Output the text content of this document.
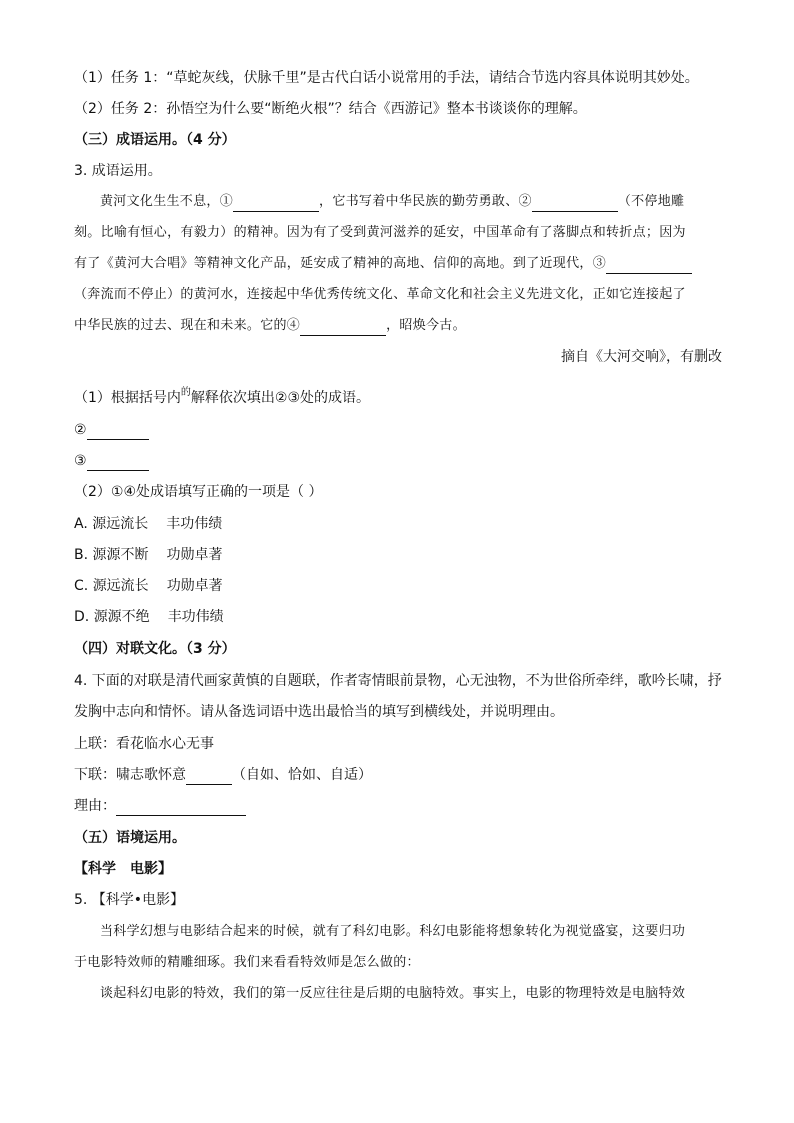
（1）任务 1：“草蛇灰线，伏脉千里”是古代白话小说常用的手法，请结合节选内容具体说明其妙处。
（2）任务 2：孙悟空为什么要“断绝火根”？结合《西游记》整本书谈谈你的理解。
（三）成语运用。（4 分）
3. 成语运用。
黄河文化生生不息，①	，它书写着中华民族的勤劳勇敢、②	（不停地雕
刻。比喻有恒心，有毅力）的精神。因为有了受到黄河滋养的延安，中国革命有了落脚点和转折点；因为
有了《黄河大合唱》等精神文化产品，延安成了精神的高地、信仰的高地。到了近现代，③
（奔流而不停止）的黄河水，连接起中华优秀传统文化、革命文化和社会主义先进文化，正如它连接起了
中华民族的过去、现在和未来。它的④	，昭焕今古。
摘自《大河交响》，有删改
（1）根据括号内$^的$解释依次填出②③处的成语。
②
③
（2）①④处成语填写正确的一项是（ ）
A. 源远流长 丰功伟绩
B. 源源不断 功勋卓著
C. 源远流长 功勋卓著
D. 源源不绝 丰功伟绩
（四）对联文化。（3 分）
4. 下面的对联是清代画家黄慎的自题联，作者寄情眼前景物，心无浊物，不为世俗所牵绊，歌吟长啸，抒
发胸中志向和情怀。请从备选词语中选出最恰当的填写到横线处，并说明理由。
上联：看花临水心无事
下联：啸志歌怀意	（自如、恰如、自适）
理由：
（五）语境运用。
【科学　电影】
5. 【科学•电影】
当科学幻想与电影结合起来的时候，就有了科幻电影。科幻电影能将想象转化为视觉盛宴，这要归功
于电影特效师的精雕细琢。我们来看看特效师是怎么做的：
谈起科幻电影的特效，我们的第一反应往往是后期的电脑特效。事实上，电影的物理特效是电脑特效
